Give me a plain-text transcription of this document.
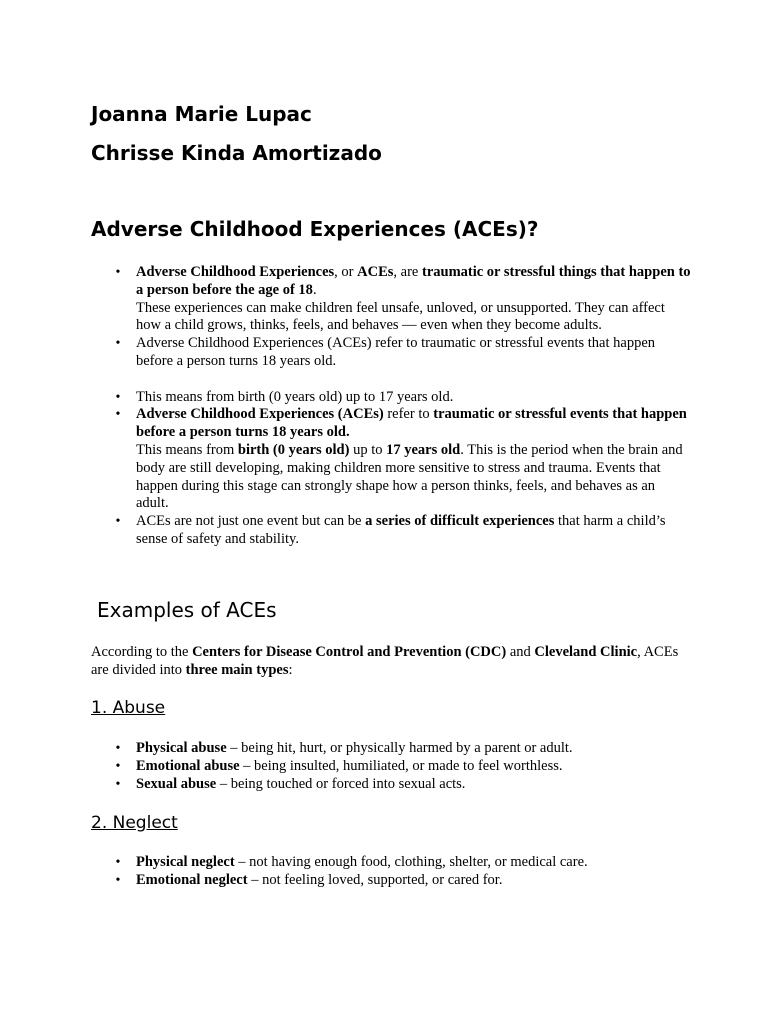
Joanna Marie Lupac
Chrisse Kinda Amortizado
Adverse Childhood Experiences (ACEs)?
• Adverse Childhood Experiences, or ACEs, are traumatic or stressful things that happen to a person before the age of 18.
These experiences can make children feel unsafe, unloved, or unsupported. They can affect how a child grows, thinks, feels, and behaves — even when they become adults.
• Adverse Childhood Experiences (ACEs) refer to traumatic or stressful events that happen before a person turns 18 years old.
• This means from birth (0 years old) up to 17 years old.
• Adverse Childhood Experiences (ACEs) refer to traumatic or stressful events that happen before a person turns 18 years old.
This means from birth (0 years old) up to 17 years old. This is the period when the brain and body are still developing, making children more sensitive to stress and trauma. Events that happen during this stage can strongly shape how a person thinks, feels, and behaves as an adult.
• ACEs are not just one event but can be a series of difficult experiences that harm a child’s sense of safety and stability.
Examples of ACEs

According to the Centers for Disease Control and Prevention (CDC) and Cleveland Clinic, ACEs are divided into three main types:

1. Abuse
• Physical abuse – being hit, hurt, or physically harmed by a parent or adult.
• Emotional abuse – being insulted, humiliated, or made to feel worthless.
• Sexual abuse – being touched or forced into sexual acts.
2. Neglect
• Physical neglect – not having enough food, clothing, shelter, or medical care.
• Emotional neglect – not feeling loved, supported, or cared for.
